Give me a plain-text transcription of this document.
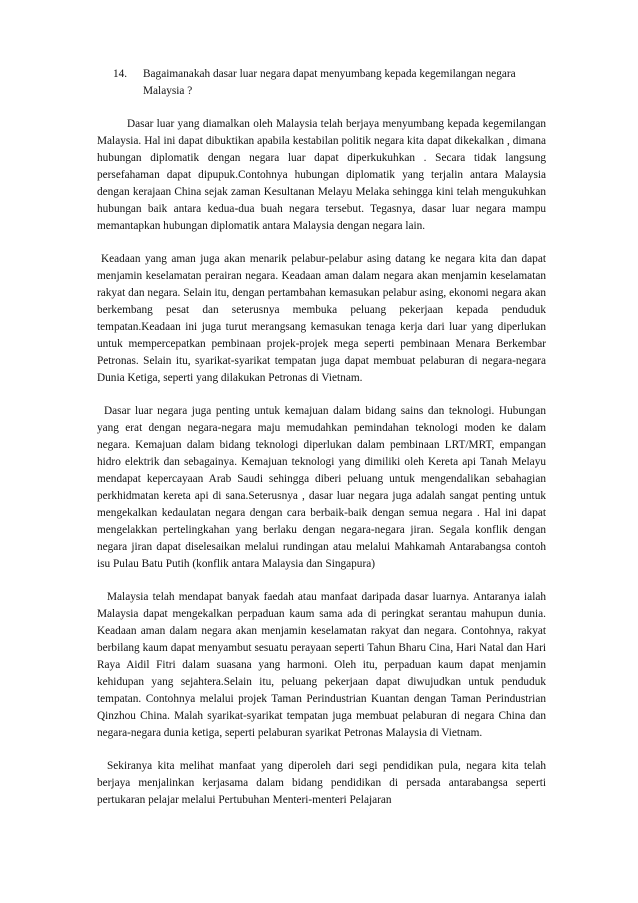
14.	Bagaimanakah dasar luar negara dapat menyumbang kepada kegemilangan negara Malaysia ?

Dasar luar yang diamalkan oleh Malaysia telah berjaya menyumbang kepada kegemilangan Malaysia. Hal ini dapat dibuktikan apabila kestabilan politik negara kita dapat dikekalkan , dimana hubungan diplomatik dengan negara luar dapat diperkukuhkan . Secara tidak langsung persefahaman dapat dipupuk.Contohnya hubungan diplomatik yang terjalin antara Malaysia dengan kerajaan China sejak zaman Kesultanan Melayu Melaka sehingga kini telah mengukuhkan hubungan baik antara kedua-dua buah negara tersebut. Tegasnya, dasar luar negara mampu memantapkan hubungan diplomatik antara Malaysia dengan negara lain.

Keadaan yang aman juga akan menarik pelabur-pelabur asing datang ke negara kita dan dapat menjamin keselamatan perairan negara. Keadaan aman dalam negara akan menjamin keselamatan rakyat dan negara. Selain itu, dengan pertambahan kemasukan pelabur asing, ekonomi negara akan berkembang pesat dan seterusnya membuka peluang pekerjaan kepada penduduk tempatan.Keadaan ini juga turut merangsang kemasukan tenaga kerja dari luar yang diperlukan untuk mempercepatkan pembinaan projek-projek mega seperti pembinaan Menara Berkembar Petronas. Selain itu, syarikat-syarikat tempatan juga dapat membuat pelaburan di negara-negara Dunia Ketiga, seperti yang dilakukan Petronas di Vietnam.

Dasar luar negara juga penting untuk kemajuan dalam bidang sains dan teknologi. Hubungan yang erat dengan negara-negara maju memudahkan pemindahan teknologi moden ke dalam negara. Kemajuan dalam bidang teknologi diperlukan dalam pembinaan LRT/MRT, empangan hidro elektrik dan sebagainya. Kemajuan teknologi yang dimiliki oleh Kereta api Tanah Melayu mendapat kepercayaan Arab Saudi sehingga diberi peluang untuk mengendalikan sebahagian perkhidmatan kereta api di sana.Seterusnya , dasar luar negara juga adalah sangat penting untuk mengekalkan kedaulatan negara dengan cara berbaik-baik dengan semua negara . Hal ini dapat mengelakkan pertelingkahan yang berlaku dengan negara-negara jiran. Segala konflik dengan negara jiran dapat diselesaikan melalui rundingan atau melalui Mahkamah Antarabangsa contoh isu Pulau Batu Putih (konflik antara Malaysia dan Singapura)

Malaysia telah mendapat banyak faedah atau manfaat daripada dasar luarnya. Antaranya ialah Malaysia dapat mengekalkan perpaduan kaum sama ada di peringkat serantau mahupun dunia. Keadaan aman dalam negara akan menjamin keselamatan rakyat dan negara. Contohnya, rakyat berbilang kaum dapat menyambut sesuatu perayaan seperti Tahun Bharu Cina, Hari Natal dan Hari Raya Aidil Fitri dalam suasana yang harmoni. Oleh itu, perpaduan kaum dapat menjamin kehidupan yang sejahtera.Selain itu, peluang pekerjaan dapat diwujudkan untuk penduduk tempatan. Contohnya melalui projek Taman Perindustrian Kuantan dengan Taman Perindustrian Qinzhou China. Malah syarikat-syarikat tempatan juga membuat pelaburan di negara China dan negara-negara dunia ketiga, seperti pelaburan syarikat Petronas Malaysia di Vietnam.

Sekiranya kita melihat manfaat yang diperoleh dari segi pendidikan pula, negara kita telah berjaya menjalinkan kerjasama dalam bidang pendidikan di persada antarabangsa seperti pertukaran pelajar melalui Pertubuhan Menteri-menteri Pelajaran
